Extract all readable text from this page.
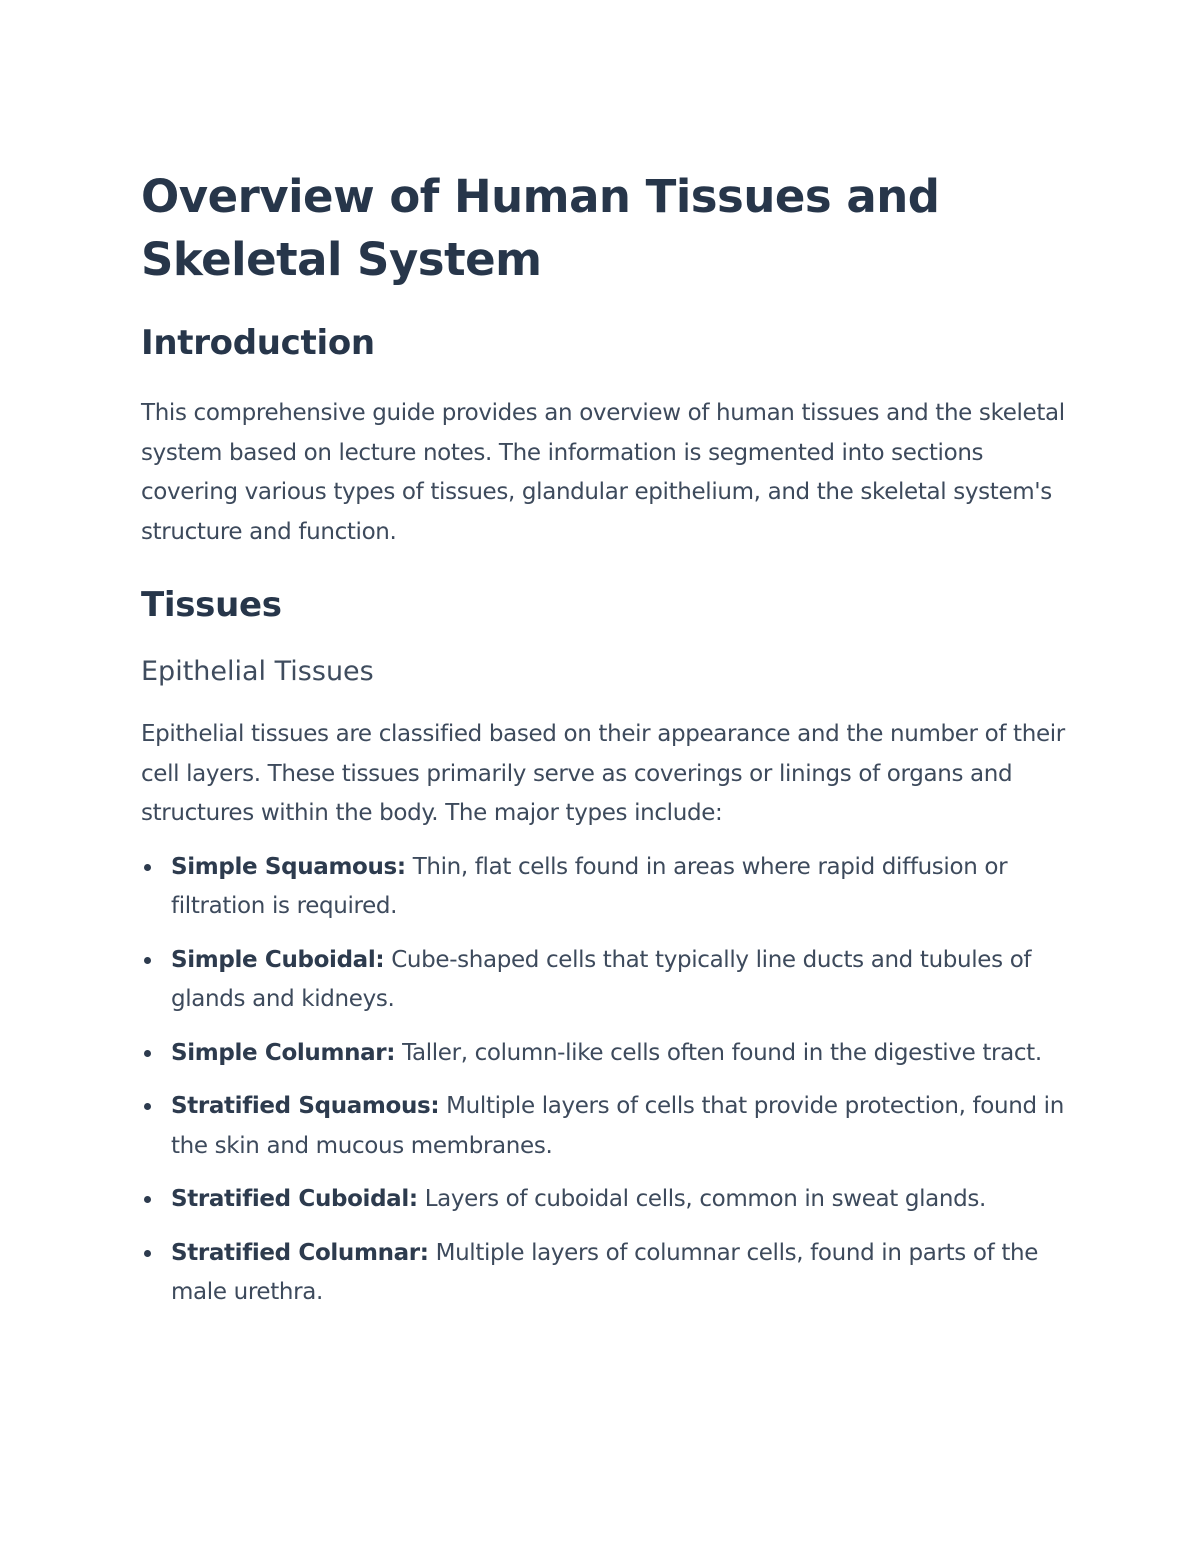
Overview of Human Tissues and Skeletal System
Introduction

This comprehensive guide provides an overview of human tissues and the skeletal system based on lecture notes. The information is segmented into sections covering various types of tissues, glandular epithelium, and the skeletal system's structure and function.

Tissues
Epithelial Tissues

Epithelial tissues are classified based on their appearance and the number of their cell layers. These tissues primarily serve as coverings or linings of organs and structures within the body. The major types include:

Simple Squamous: Thin, flat cells found in areas where rapid diffusion or filtration is required.
Simple Cuboidal: Cube-shaped cells that typically line ducts and tubules of glands and kidneys.
Simple Columnar: Taller, column-like cells often found in the digestive tract.
Stratified Squamous: Multiple layers of cells that provide protection, found in the skin and mucous membranes.
Stratified Cuboidal: Layers of cuboidal cells, common in sweat glands.
Stratified Columnar: Multiple layers of columnar cells, found in parts of the male urethra.
